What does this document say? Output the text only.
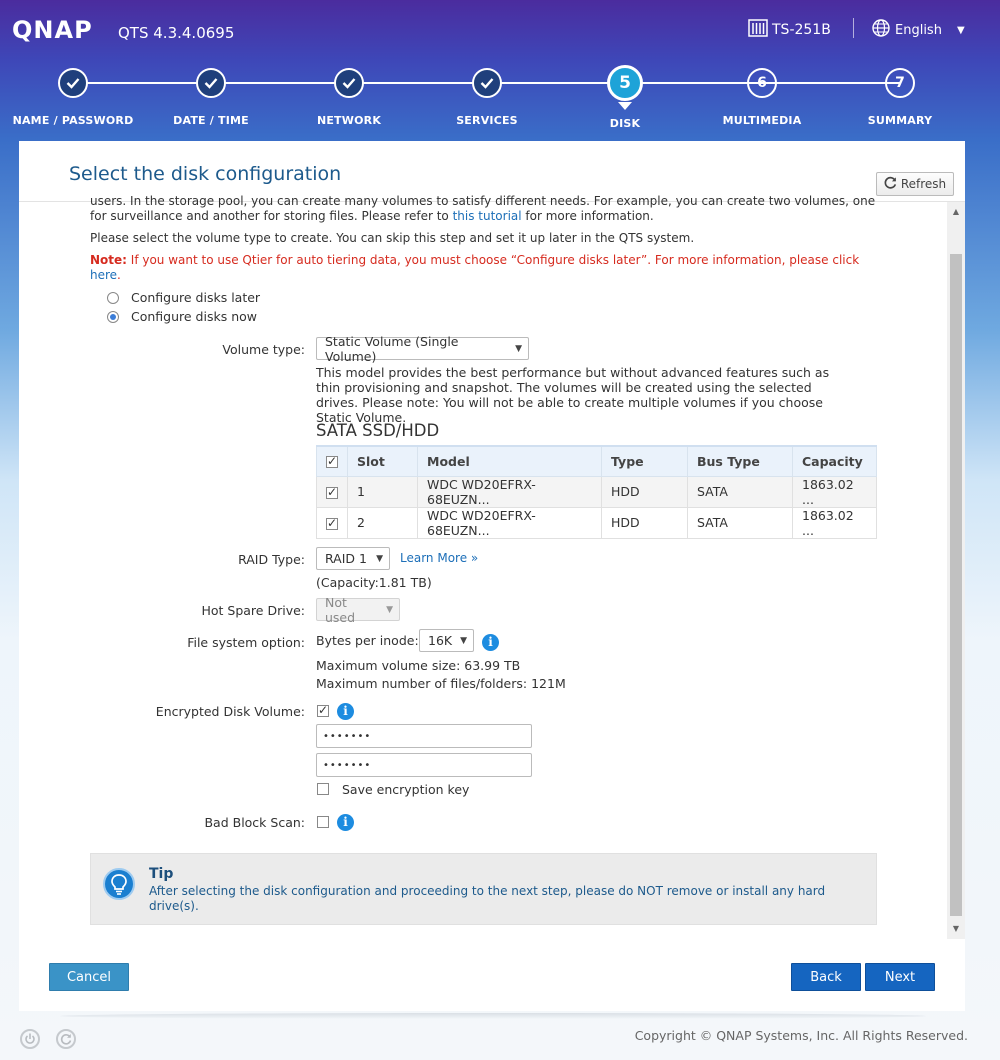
QNAP QTS 4.3.4.0695	TS-251B	English ▼
NAME / PASSWORD	DATE / TIME	NETWORK	SERVICES
5
DISK
6
MULTIMEDIA
7
SUMMARY
Select the disk configuration	Refresh
users. In the storage pool, you can create many volumes to satisfy different needs. For example, you can create two volumes, one
for surveillance and another for storing files. Please refer to this tutorial for more information.
Please select the volume type to create. You can skip this step and set it up later in the QTS system.
Note: If you want to use Qtier for auto tiering data, you must choose “Configure disks later”. For more information, please click
here.
Configure disks later
Configure disks now
Volume type:
Static Volume (Single Volume)	▼
This model provides the best performance but without advanced features such as thin provisioning and snapshot. The volumes will be created using the selected drives. Please note: You will not be able to create multiple volumes if you choose Static Volume.
SATA SSD/HDD
✓	Slot	Model	Type	Bus Type	Capacity
✓	1	WDC WD20EFRX-68EUZN...	HDD	SATA	1863.02 ...
✓	2	WDC WD20EFRX-68EUZN...	HDD	SATA	1863.02 ...
RAID Type: RAID 1 ▼ Learn More »
(Capacity:1.81 TB)
Hot Spare Drive:
Not used	▼
File system option: Bytes per inode: 16K ▼	i
Maximum volume size: 63.99 TB
Maximum number of files/folders: 121M
Encrypted Disk Volume: ✓	i
•••••••
•••••••
Save encryption key
Bad Block Scan:	i
Tip
After selecting the disk configuration and proceeding to the next step, please do NOT remove or install any hard drive(s).
▲
▼
Cancel	Back	Next
Copyright © QNAP Systems, Inc. All Rights Reserved.
